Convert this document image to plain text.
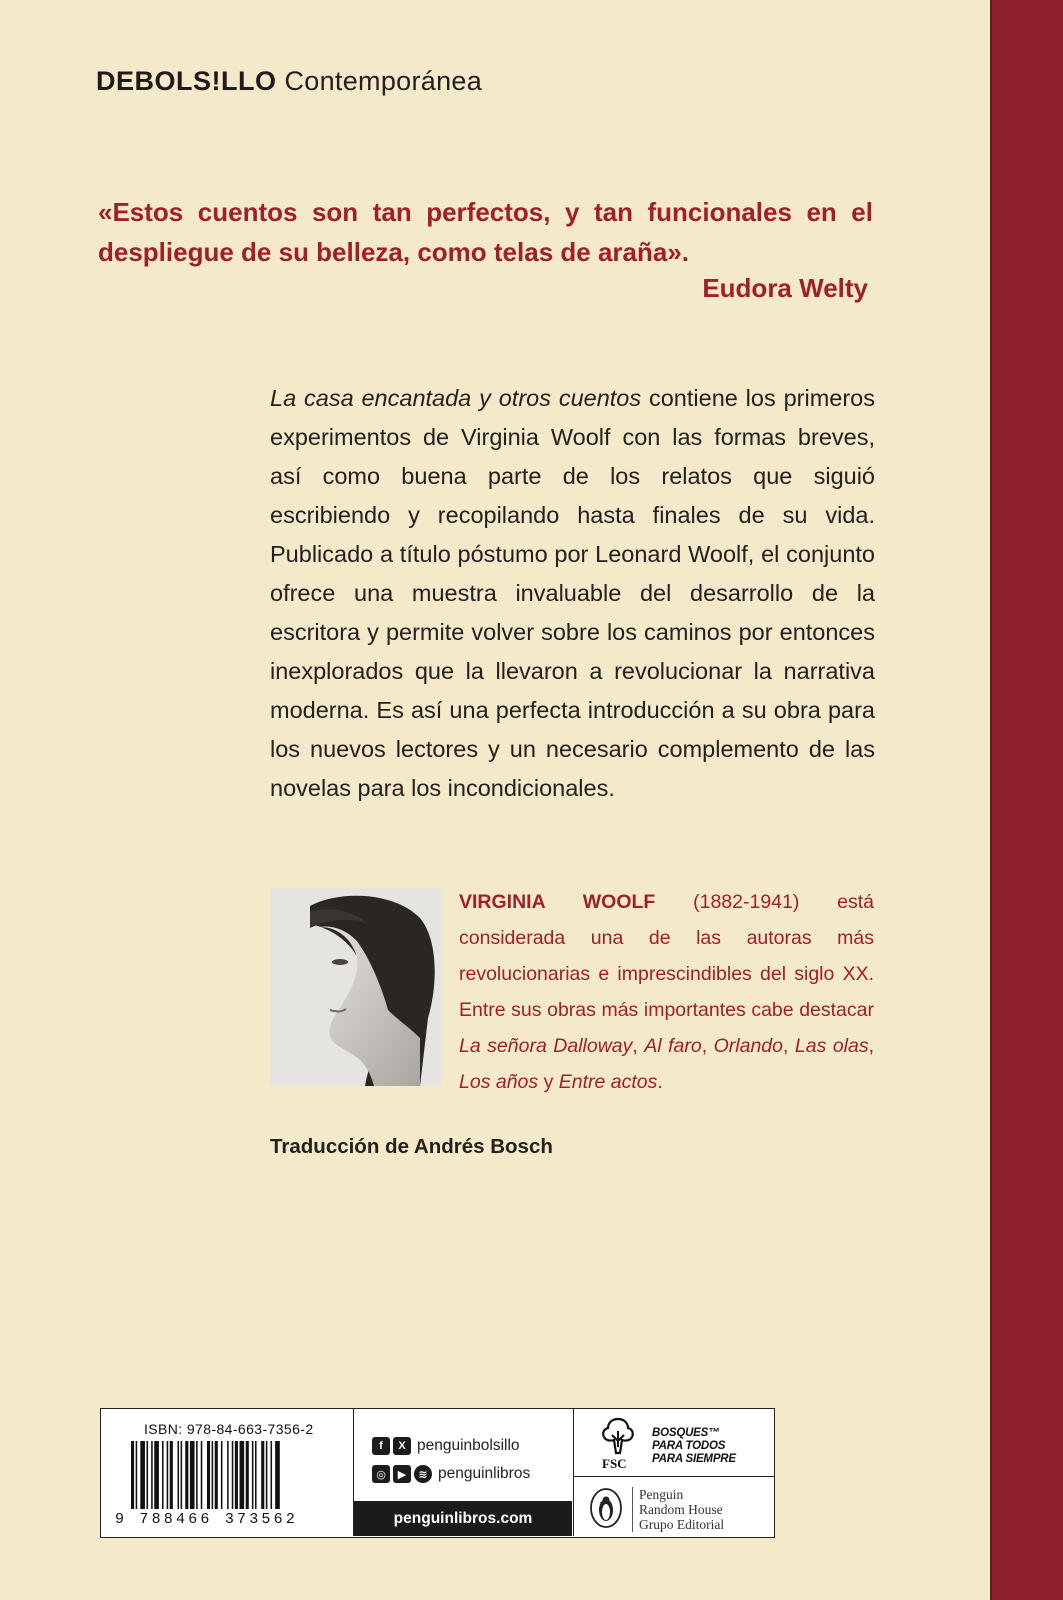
DEBOLS!LLO Contemporánea

«Estos cuentos son tan perfectos, y tan funcionales en el despliegue de su belleza, como telas de araña».

Eudora Welty

La casa encantada y otros cuentos contiene los primeros experimentos de Virginia Woolf con las formas breves, así como buena parte de los relatos que siguió escribiendo y recopilando hasta finales de su vida. Publicado a título póstumo por Leonard Woolf, el conjunto ofrece una muestra invaluable del desarrollo de la escritora y permite volver sobre los caminos por entonces inexplorados que la llevaron a revolucionar la narrativa moderna. Es así una perfecta introducción a su obra para los nuevos lectores y un necesario complemento de las novelas para los incondicionales.

VIRGINIA WOOLF (1882-1941) está considerada una de las autoras más revolucionarias e imprescindibles del siglo XX. Entre sus obras más importantes cabe destacar La señora Dalloway, Al faro, Orlando, Las olas, Los años y Entre actos.

Traducción de Andrés Bosch
ISBN: 978-84-663-7356-2
9 788466 373562
f	X penguinbolsillo
◎	▶	≋ penguinlibros
penguinlibros.com
FSC
BOSQUES™
PARA TODOS
PARA SIEMPRE
Penguin
Random House
Grupo Editorial
